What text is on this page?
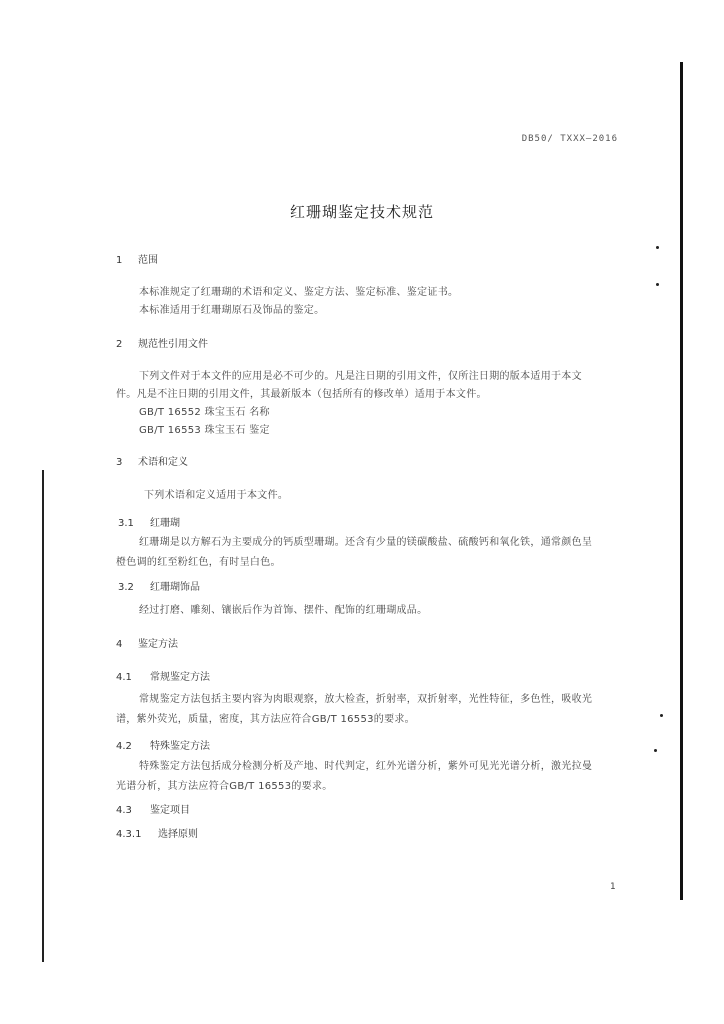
DB50/ TXXX—2016
红珊瑚鉴定技术规范
1 范围
本标准规定了红珊瑚的术语和定义、鉴定方法、鉴定标准、鉴定证书。
本标准适用于红珊瑚原石及饰品的鉴定。
2 规范性引用文件
下列文件对于本文件的应用是必不可少的。凡是注日期的引用文件，仅所注日期的版本适用于本文
件。凡是不注日期的引用文件，其最新版本（包括所有的修改单）适用于本文件。
GB/T 16552 珠宝玉石 名称
GB/T 16553 珠宝玉石 鉴定
3 术语和定义
下列术语和定义适用于本文件。
3.1 红珊瑚
红珊瑚是以方解石为主要成分的钙质型珊瑚。还含有少量的镁碳酸盐、硫酸钙和氧化铁，通常颜色呈
橙色调的红至粉红色，有时呈白色。
3.2 红珊瑚饰品
经过打磨、雕刻、镶嵌后作为首饰、摆件、配饰的红珊瑚成品。
4 鉴定方法
4.1 常规鉴定方法
常规鉴定方法包括主要内容为肉眼观察，放大检查，折射率，双折射率，光性特征，多色性，吸收光
谱，紫外荧光，质量，密度，其方法应符合GB/T 16553的要求。
4.2 特殊鉴定方法
特殊鉴定方法包括成分检测分析及产地、时代判定，红外光谱分析，紫外可见光光谱分析，激光拉曼
光谱分析，其方法应符合GB/T 16553的要求。
4.3 鉴定项目
4.3.1 选择原则
1
